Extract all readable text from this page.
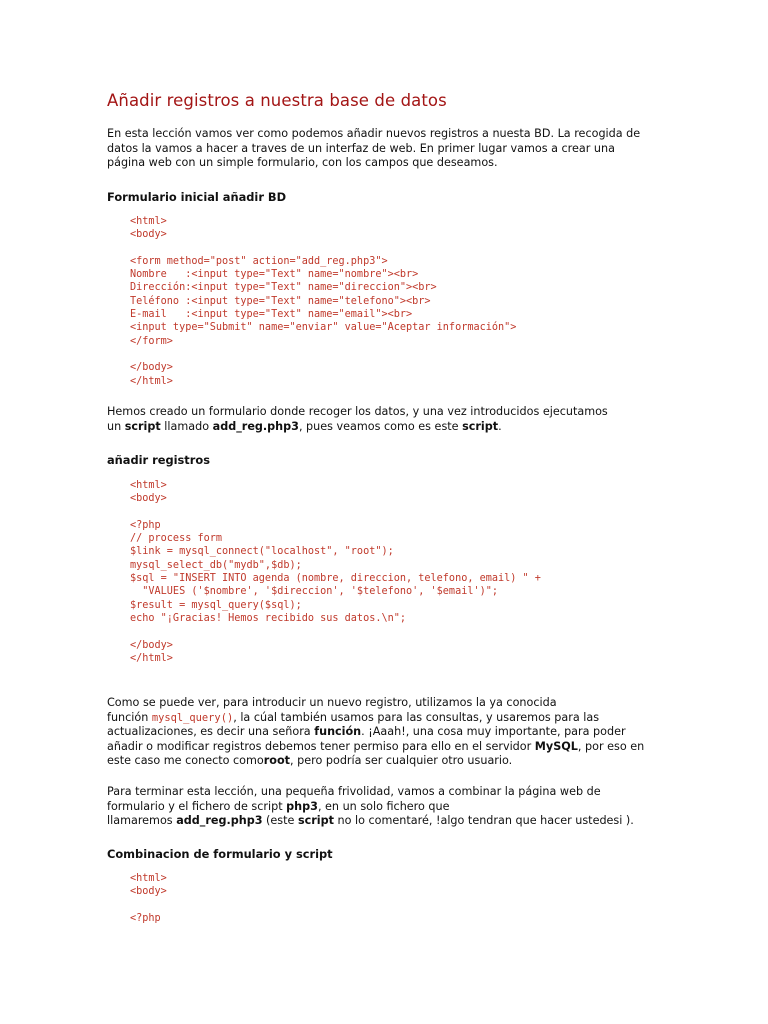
Añadir registros a nuestra base de datos

En esta lección vamos ver como podemos añadir nuevos registros a nuesta BD. La recogida de
datos la vamos a hacer a traves de un interfaz de web. En primer lugar vamos a crear una
página web con un simple formulario, con los campos que deseamos.

Formulario inicial añadir BD
<html>
<body>
<form method="post" action="add_reg.php3">
Nombre   :<input type="Text" name="nombre"><br>
Dirección:<input type="Text" name="direccion"><br>
Teléfono :<input type="Text" name="telefono"><br>
E-mail   :<input type="Text" name="email"><br>
<input type="Submit" name="enviar" value="Aceptar información">
</form>
</body>
</html>

Hemos creado un formulario donde recoger los datos, y una vez introducidos ejecutamos
un script llamado add_reg.php3, pues veamos como es este script.

añadir registros
<html>
<body>
<?php
// process form
$link = mysql_connect("localhost", "root");
mysql_select_db("mydb",$db);
$sql = "INSERT INTO agenda (nombre, direccion, telefono, email) " +
"VALUES ('$nombre', '$direccion', '$telefono', '$email')";
$result = mysql_query($sql);
echo "¡Gracias! Hemos recibido sus datos.\n";
</body>
</html>

Como se puede ver, para introducir un nuevo registro, utilizamos la ya conocida
función mysql_query(), la cúal también usamos para las consultas, y usaremos para las
actualizaciones, es decir una señora función. ¡Aaah!, una cosa muy importante, para poder
añadir o modificar registros debemos tener permiso para ello en el servidor MySQL, por eso en
este caso me conecto comoroot, pero podría ser cualquier otro usuario.

Para terminar esta lección, una pequeña frivolidad, vamos a combinar la página web de
formulario y el fichero de script php3, en un solo fichero que
llamaremos add_reg.php3 (este script no lo comentaré, !algo tendran que hacer ustedesi ).

Combinacion de formulario y script
<html>
<body>
<?php
